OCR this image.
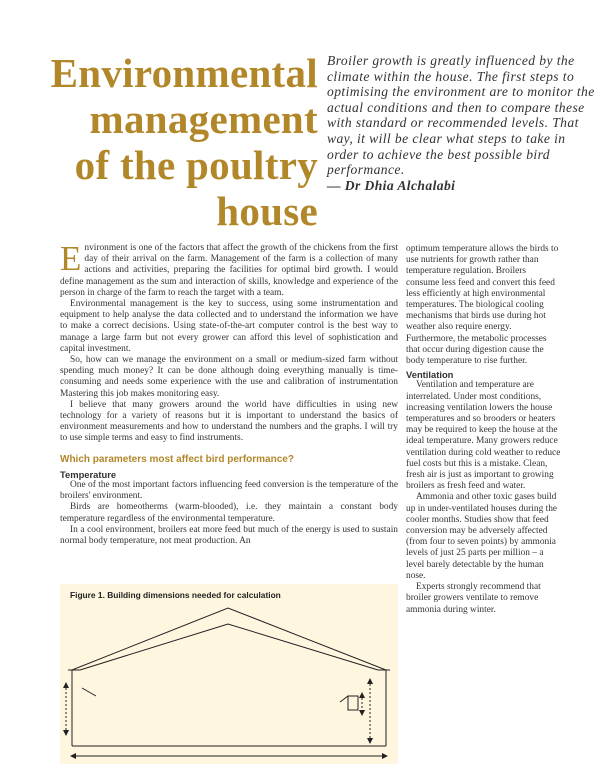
Environmental
management
of the poultry
house
Broiler growth is greatly influenced by the climate within the house. The first steps to optimising the environment are to monitor the actual conditions and then to compare these with standard or recommended levels. That way, it will be clear what steps to take in order to achieve the best possible bird performance.
— Dr Dhia Alchalabi

Environment is one of the factors that affect the growth of the chickens from the first day of their arrival on the farm. Management of the farm is a collection of many actions and activities, preparing the facilities for optimal bird growth. I would define management as the sum and interaction of skills, knowledge and experience of the person in charge of the farm to reach the target with a team.

Environmental management is the key to success, using some instrumentation and equipment to help analyse the data collected and to understand the information we have to make a correct decisions. Using state-of-the-art computer control is the best way to manage a large farm but not every grower can afford this level of sophistication and capital investment.

So, how can we manage the environment on a small or medium-sized farm without spending much money? It can be done although doing everything manually is time-consuming and needs some experience with the use and calibration of instrumentation Mastering this job makes monitoring easy.

I believe that many growers around the world have difficulties in using new technology for a variety of reasons but it is important to understand the basics of environment measurements and how to understand the numbers and the graphs. I will try to use simple terms and easy to find instruments.

Which parameters most affect bird performance?
Temperature

One of the most important factors influencing feed conversion is the temperature of the broilers' environment.

Birds are homeotherms (warm-blooded), i.e. they maintain a constant body temperature regardless of the environmental temperature.

In a cool environment, broilers eat more feed but much of the energy is used to sustain normal body temperature, not meat production. An

optimum temperature allows the birds to use nutrients for growth rather than temperature regulation. Broilers consume less feed and convert this feed less efficiently at high environmental temperatures. The biological cooling mechanisms that birds use during hot weather also require energy. Furthermore, the metabolic processes that occur during digestion cause the body temperature to rise further.

Ventilation

Ventilation and temperature are interrelated. Under most conditions, increasing ventilation lowers the house temperatures and so brooders or heaters may be required to keep the house at the ideal temperature. Many growers reduce ventilation during cold weather to reduce fuel costs but this is a mistake. Clean, fresh air is just as important to growing broilers as fresh feed and water.

Ammonia and other toxic gases build up in under-ventilated houses during the cooler months. Studies show that feed conversion may be adversely affected (from four to seven points) by ammonia levels of just 25 parts per million – a level barely detectable by the human nose.

Experts strongly recommend that broiler growers ventilate to remove ammonia during winter.

Figure 1. Building dimensions needed for calculation
